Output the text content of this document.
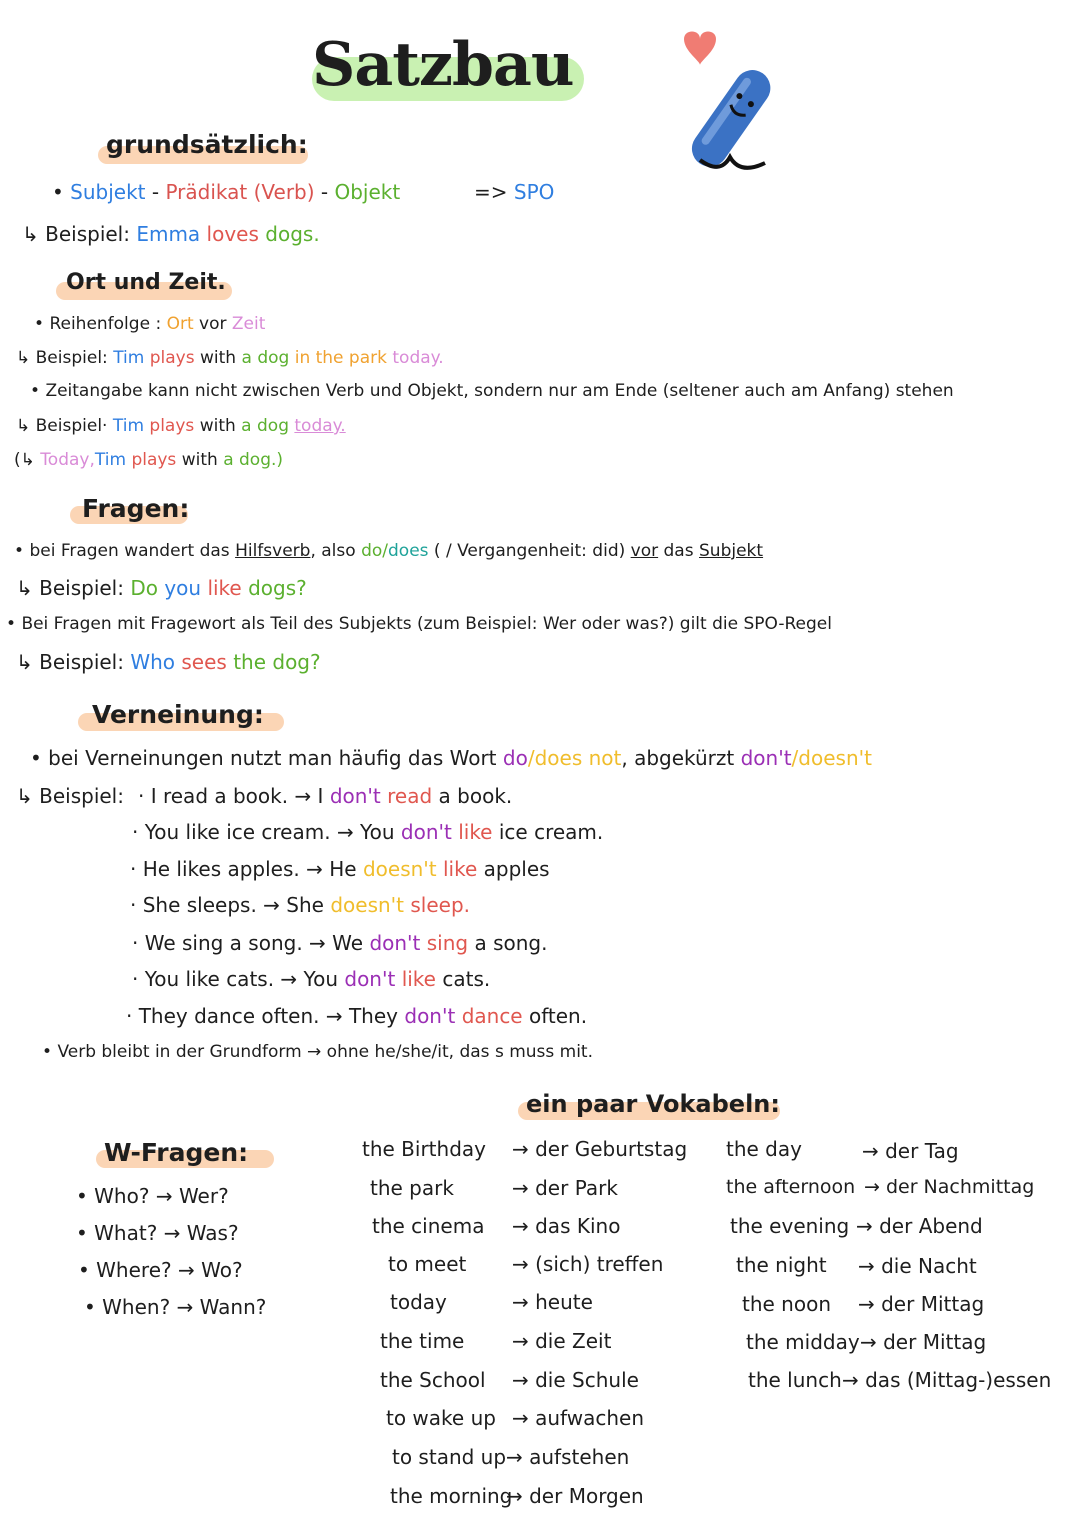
Satzbau
grundsätzlich:
• Subjekt - Prädikat (Verb) - Objekt	=> SPO
↳ Beispiel: Emma loves dogs.
Ort und Zeit.
• Reihenfolge : Ort vor Zeit
↳ Beispiel: Tim plays with a dog in the park today.
• Zeitangabe kann nicht zwischen Verb und Objekt, sondern nur am Ende (seltener auch am Anfang) stehen
↳ Beispiel· Tim plays with a dog today.
(↳ Today,Tim plays with a dog.)
Fragen:
• bei Fragen wandert das Hilfsverb, also do/does ( / Vergangenheit: did) vor das Subjekt
↳ Beispiel: Do you like dogs?
• Bei Fragen mit Fragewort als Teil des Subjekts (zum Beispiel: Wer oder was?) gilt die SPO-Regel
↳ Beispiel: Who sees the dog?
Verneinung:
• bei Verneinungen nutzt man häufig das Wort do/does not, abgekürzt don't/doesn't
↳ Beispiel: · I read a book. → I don't read a book.
· You like ice cream. → You don't like ice cream.
· He likes apples. → He doesn't like apples
· She sleeps. → She doesn't sleep.
· We sing a song. → We don't sing a song.
· You like cats. → You don't like cats.
· They dance often. → They don't dance often.
• Verb bleibt in der Grundform → ohne he/she/it, das s muss mit.
ein paar Vokabeln:
W-Fragen:
• Who? → Wer?
• What? → Was?
• Where? → Wo?
• When? → Wann?
the Birthday → der Geburtstag
the park	→ der Park
the cinema → das Kino
to meet → (sich) treffen
today	→ heute
the time → die Zeit
the School → die Schule
to wake up → aufwachen
to stand up → aufstehen
the morning
→ der Morgen
the day	→ der Tag
the afternoon → der Nachmittag
the evening → der Abend
the night → die Nacht
the noon → der Mittag
the midday → der Mittag
the lunch → das (Mittag-)essen
